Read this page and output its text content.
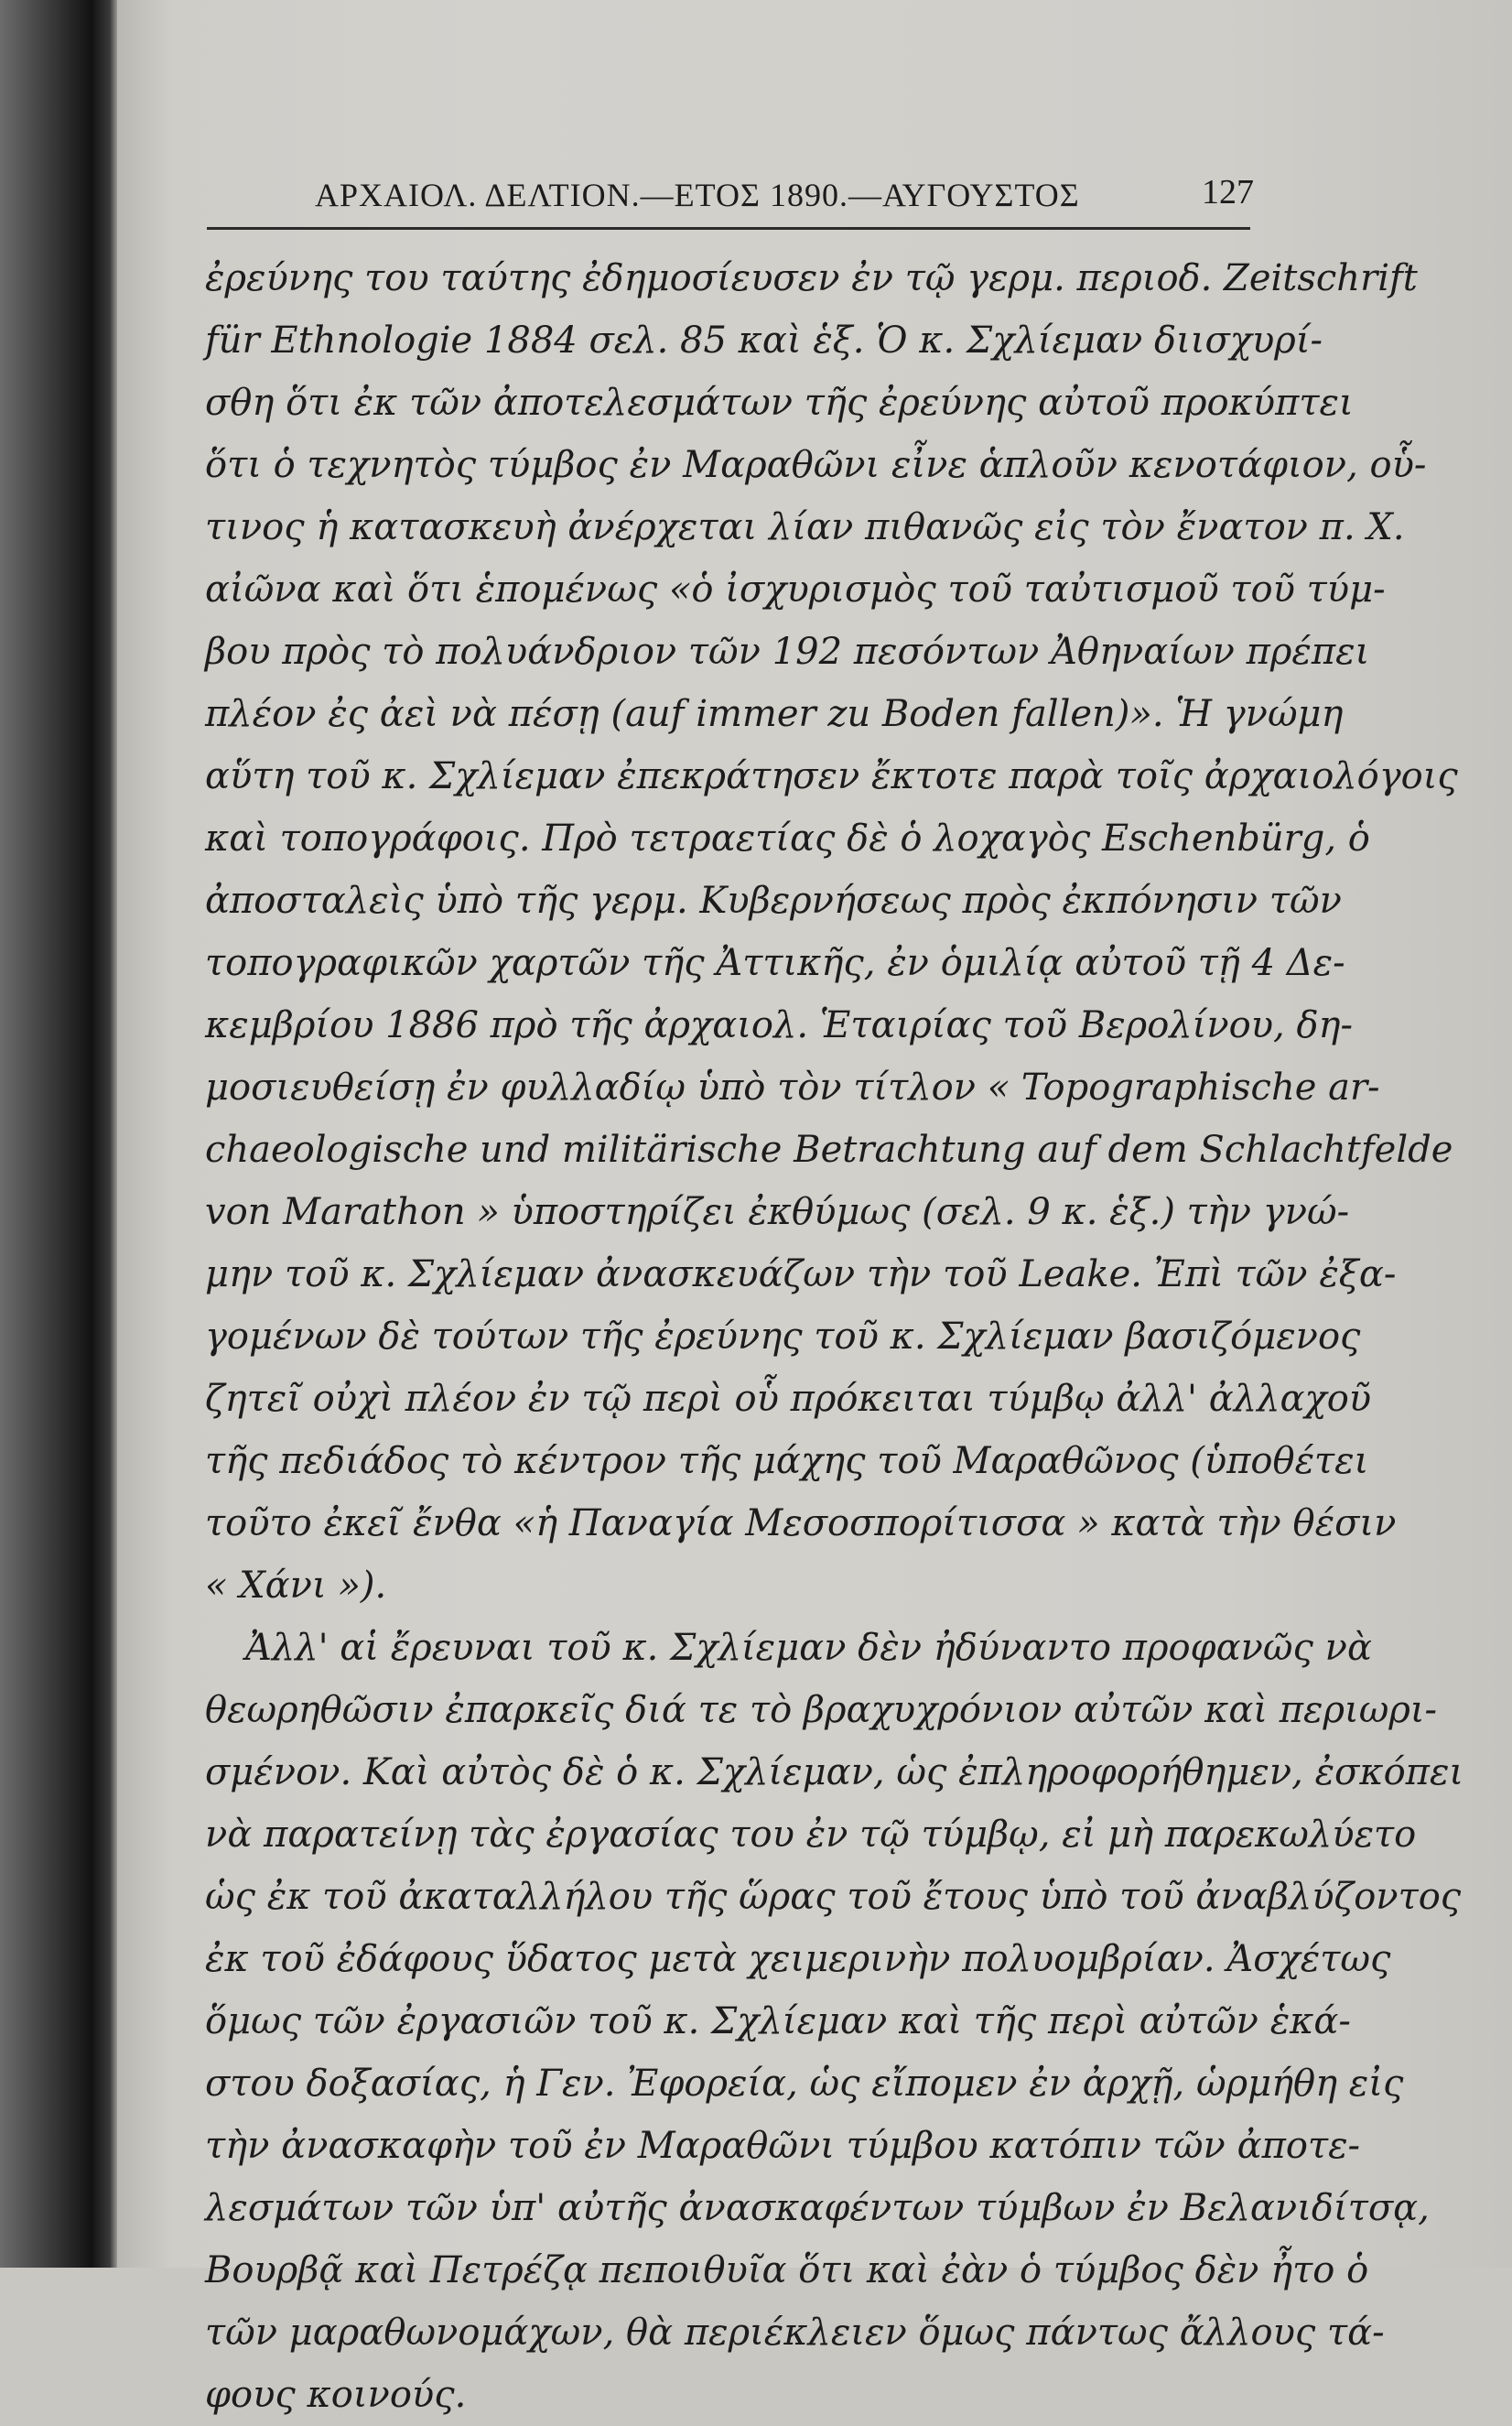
ΑΡΧΑΙΟΛ. ΔΕΛΤΙΟΝ.—ΕΤΟΣ 1890.—ΑΥΓΟΥΣΤΟΣ	127
ἐρεύνης του ταύτης ἐδημοσίευσεν ἐν τῷ γερμ. περιοδ. Zeitschrift
für Ethnologie 1884 σελ. 85 καὶ ἑξ. Ὁ κ. Σχλίεμαν διισχυρί-
σθη ὅτι ἐκ τῶν ἀποτελεσμάτων τῆς ἐρεύνης αὐτοῦ προκύπτει
ὅτι ὁ τεχνητὸς τύμβος ἐν Μαραθῶνι εἶνε ἁπλοῦν κενοτάφιον, οὗ-
τινος ἡ κατασκευὴ ἀνέρχεται λίαν πιθανῶς εἰς τὸν ἔνατον π. Χ.
αἰῶνα καὶ ὅτι ἑπομένως «ὁ ἰσχυρισμὸς τοῦ ταὐτισμοῦ τοῦ τύμ-
βου πρὸς τὸ πολυάνδριον τῶν 192 πεσόντων Ἀθηναίων πρέπει
πλέον ἐς ἀεὶ νὰ πέσῃ (auf immer zu Boden fallen)». Ἡ γνώμη
αὕτη τοῦ κ. Σχλίεμαν ἐπεκράτησεν ἔκτοτε παρὰ τοῖς ἀρχαιολόγοις
καὶ τοπογράφοις. Πρὸ τετραετίας δὲ ὁ λοχαγὸς Eschenbürg, ὁ
ἀποσταλεὶς ὑπὸ τῆς γερμ. Κυβερνήσεως πρὸς ἐκπόνησιν τῶν
τοπογραφικῶν χαρτῶν τῆς Ἀττικῆς, ἐν ὁμιλίᾳ αὐτοῦ τῇ 4 Δε-
κεμβρίου 1886 πρὸ τῆς ἀρχαιολ. Ἑταιρίας τοῦ Βερολίνου, δη-
μοσιευθείσῃ ἐν φυλλαδίῳ ὑπὸ τὸν τίτλον « Topographische ar-
chaeologische und militärische Betrachtung auf dem Schlachtfelde
von Marathon » ὑποστηρίζει ἐκθύμως (σελ. 9 κ. ἑξ.) τὴν γνώ-
μην τοῦ κ. Σχλίεμαν ἀνασκευάζων τὴν τοῦ Leake. Ἐπὶ τῶν ἐξα-
γομένων δὲ τούτων τῆς ἐρεύνης τοῦ κ. Σχλίεμαν βασιζόμενος
ζητεῖ οὐχὶ πλέον ἐν τῷ περὶ οὗ πρόκειται τύμβῳ ἀλλ' ἀλλαχοῦ
τῆς πεδιάδος τὸ κέντρον τῆς μάχης τοῦ Μαραθῶνος (ὑποθέτει
τοῦτο ἐκεῖ ἔνθα «ἡ Παναγία Μεσοσπορίτισσα » κατὰ τὴν θέσιν
« Χάνι »).
Ἀλλ' αἱ ἔρευναι τοῦ κ. Σχλίεμαν δὲν ἠδύναντο προφανῶς νὰ
θεωρηθῶσιν ἐπαρκεῖς διά τε τὸ βραχυχρόνιον αὐτῶν καὶ περιωρι-
σμένον. Καὶ αὐτὸς δὲ ὁ κ. Σχλίεμαν, ὡς ἐπληροφορήθημεν, ἐσκόπει
νὰ παρατείνῃ τὰς ἐργασίας του ἐν τῷ τύμβῳ, εἰ μὴ παρεκωλύετο
ὡς ἐκ τοῦ ἀκαταλλήλου τῆς ὥρας τοῦ ἔτους ὑπὸ τοῦ ἀναβλύζοντος
ἐκ τοῦ ἐδάφους ὕδατος μετὰ χειμερινὴν πολυομβρίαν. Ἀσχέτως
ὅμως τῶν ἐργασιῶν τοῦ κ. Σχλίεμαν καὶ τῆς περὶ αὐτῶν ἑκά-
στου δοξασίας, ἡ Γεν. Ἐφορεία, ὡς εἴπομεν ἐν ἀρχῇ, ὡρμήθη εἰς
τὴν ἀνασκαφὴν τοῦ ἐν Μαραθῶνι τύμβου κατόπιν τῶν ἀποτε-
λεσμάτων τῶν ὑπ' αὐτῆς ἀνασκαφέντων τύμβων ἐν Βελανιδίτσᾳ,
Βουρβᾷ καὶ Πετρέζᾳ πεποιθυῖα ὅτι καὶ ἐὰν ὁ τύμβος δὲν ἦτο ὁ
τῶν μαραθωνομάχων, θὰ περιέκλειεν ὅμως πάντως ἄλλους τά-
φους κοινούς.
